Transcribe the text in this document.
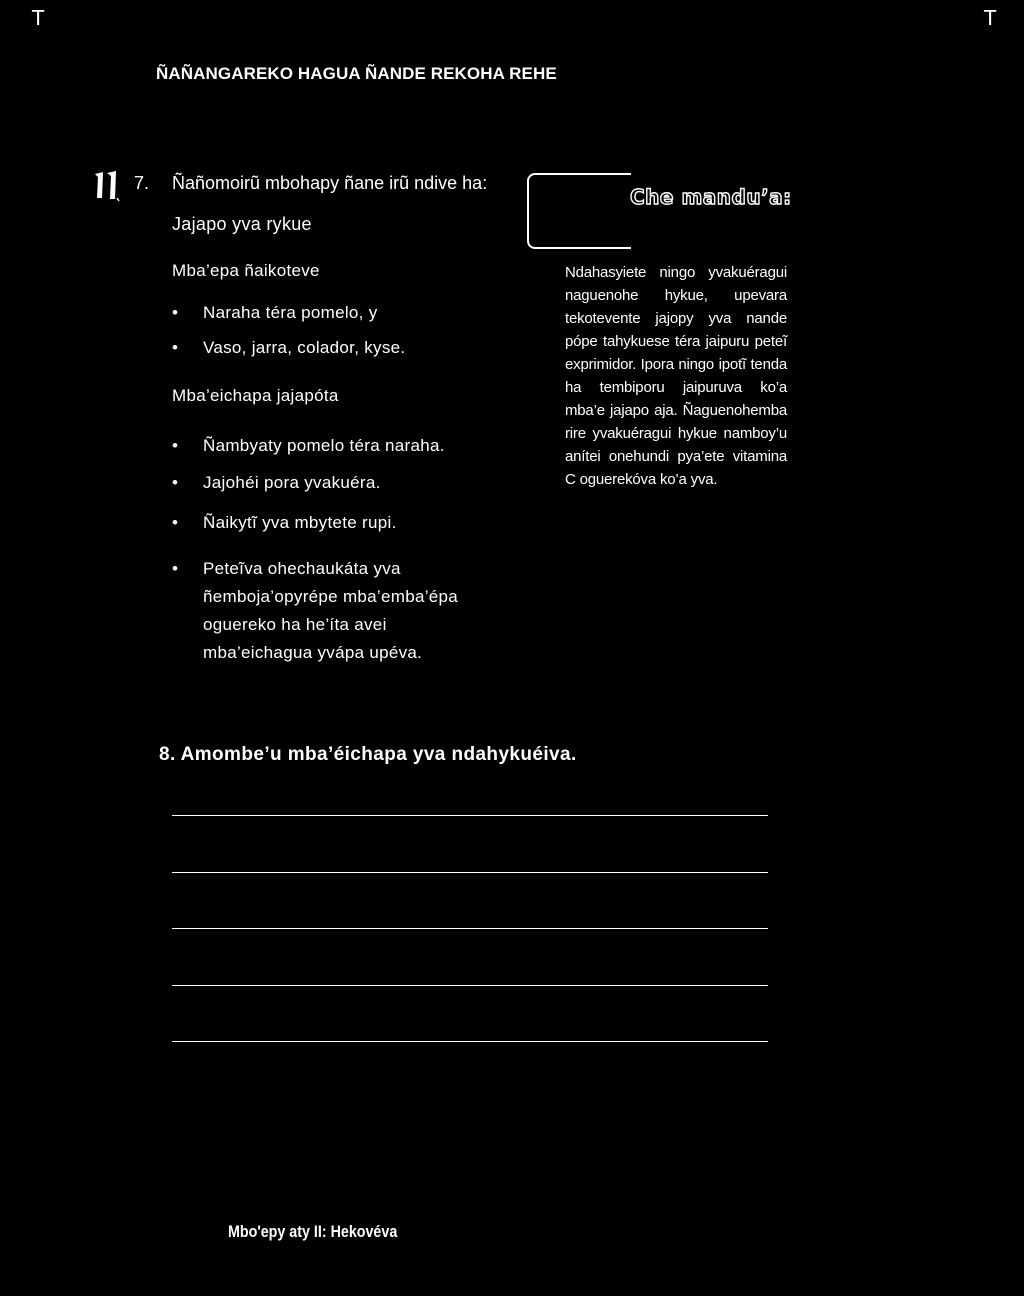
T	T
ÑAÑANGAREKO HAGUA ÑANDE REKOHA REHE
7. Ñañomoirũ mbohapy ñane irũ ndive ha:
Jajapo yva rykue
Mba’epa ñaikoteve
• Naraha téra pomelo, y
• Vaso, jarra, colador, kyse.
Mba’eichapa jajapóta
• Ñambyaty pomelo téra naraha.
• Jajohéi pora yvakuéra.
• Ñaikytĩ yva mbytete rupi.
• Peteĩva ohechaukáta yva ñemboja’opyrépe mba’emba’épa oguereko ha he’íta avei mba’eichagua yvápa upéva.
Che mandu’a:
Ndahasyiete ningo yvakuéragui naguenohe hykue, upevara tekotevente jajopy yva nande pópe tahykuese téra jaipuru peteĩ exprimidor. Ipora ningo ipotĩ tenda ha tembiporu jaipuruva ko’a mba’e jajapo aja. Ñaguenohemba rire yvakuéragui hykue namboy’u anítei onehundi pya’ete vitamina C oguerekóva ko’a yva.
8. Amombe’u mba’éichapa yva ndahykuéiva.
Mbo'epy aty II: Hekovéva
